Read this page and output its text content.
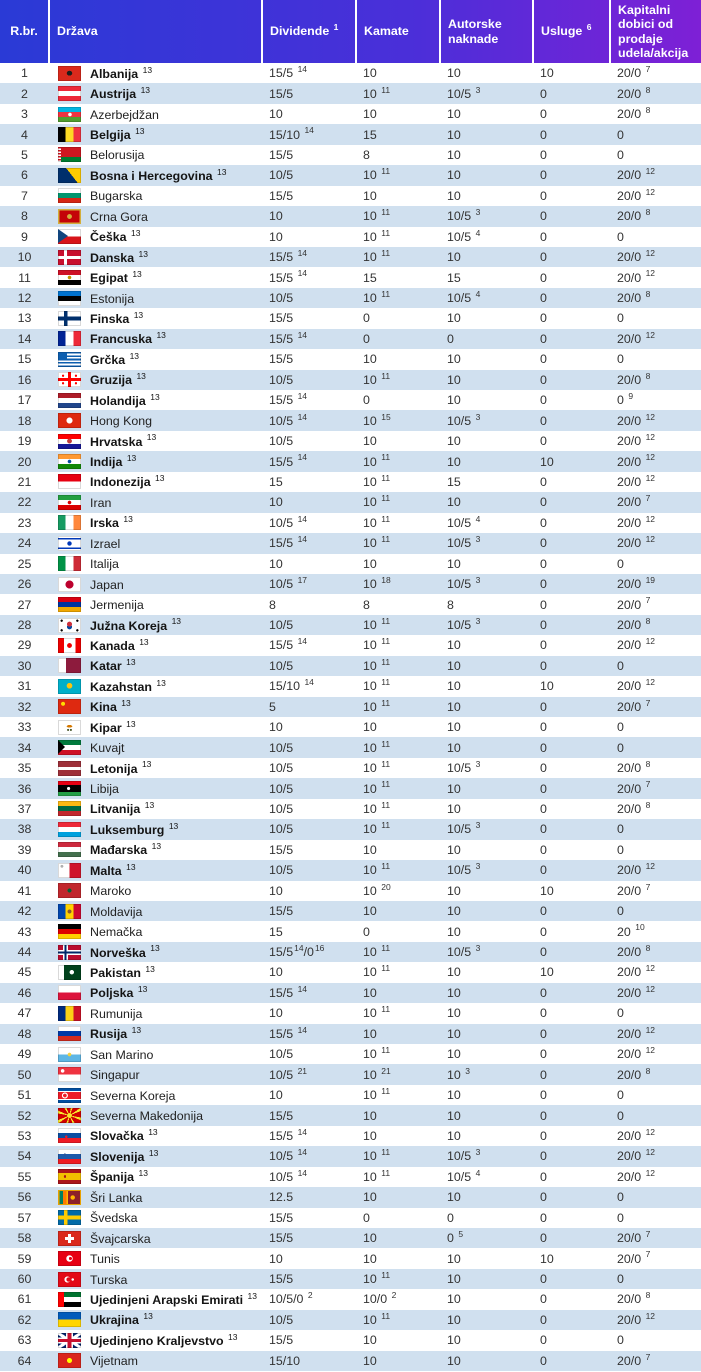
R.br.	Država	Dividende $^1$	Kamate	Autorske naknade	Usluge $^6$	Kapitalni dobici od prodaje udela/akcija
1	Albanija $^{13}$	15/5 $^{14}$	10	10	10	20/0 $^7$
2	Austrija $^{13}$	15/5	10 $^{11}$	10/5 $^3$	0	20/0 $^8$
3	Azerbejdžan	10	10	10	0	20/0 $^8$
4	Belgija $^{13}$	15/10 $^{14}$	15	10	0	0
5	Belorusija	15/5	8	10	0	0
6	Bosna i Hercegovina $^{13}$	10/5	10 $^{11}$	10	0	20/0 $^{12}$
7	Bugarska	15/5	10	10	0	20/0 $^{12}$
8	Crna Gora	10	10 $^{11}$	10/5 $^3$	0	20/0 $^8$
9	Češka $^{13}$	10	10 $^{11}$	10/5 $^4$	0	0
10	Danska $^{13}$	15/5 $^{14}$	10 $^{11}$	10	0	20/0 $^{12}$
11	Egipat $^{13}$	15/5 $^{14}$	15	15	0	20/0 $^{12}$
12	Estonija	10/5	10 $^{11}$	10/5 $^4$	0	20/0 $^8$
13	Finska $^{13}$	15/5	0	10	0	0
14	Francuska $^{13}$	15/5 $^{14}$	0	0	0	20/0 $^{12}$
15	Grčka $^{13}$	15/5	10	10	0	0
16	Gruzija $^{13}$	10/5	10 $^{11}$	10	0	20/0 $^8$
17	Holandija $^{13}$	15/5 $^{14}$	0	10	0	0 $^9$
18	Hong Kong	10/5 $^{14}$	10 $^{15}$	10/5 $^3$	0	20/0 $^{12}$
19	Hrvatska $^{13}$	10/5	10	10	0	20/0 $^{12}$
20	Indija $^{13}$	15/5 $^{14}$	10 $^{11}$	10	10	20/0 $^{12}$
21	Indonezija $^{13}$	15	10 $^{11}$	15	0	20/0 $^{12}$
22	Iran	10	10 $^{11}$	10	0	20/0 $^7$
23	Irska $^{13}$	10/5 $^{14}$	10 $^{11}$	10/5 $^4$	0	20/0 $^{12}$
24	Izrael	15/5 $^{14}$	10 $^{11}$	10/5 $^3$	0	20/0 $^{12}$
25	Italija	10	10	10	0	0
26	Japan	10/5 $^{17}$	10 $^{18}$	10/5 $^3$	0	20/0 $^{19}$
27	Jermenija	8	8	8	0	20/0 $^7$
28	Južna Koreja $^{13}$	10/5	10 $^{11}$	10/5 $^3$	0	20/0 $^8$
29	Kanada $^{13}$	15/5 $^{14}$	10 $^{11}$	10	0	20/0 $^{12}$
30	Katar $^{13}$	10/5	10 $^{11}$	10	0	0
31	Kazahstan $^{13}$	15/10 $^{14}$	10 $^{11}$	10	10	20/0 $^{12}$
32	Kina $^{13}$	5	10 $^{11}$	10	0	20/0 $^7$
33	Kipar $^{13}$	10	10	10	0	0
34	Kuvajt	10/5	10 $^{11}$	10	0	0
35	Letonija $^{13}$	10/5	10 $^{11}$	10/5 $^3$	0	20/0 $^8$
36	Libija	10/5	10 $^{11}$	10	0	20/0 $^7$
37	Litvanija $^{13}$	10/5	10 $^{11}$	10	0	20/0 $^8$
38	Luksemburg $^{13}$	10/5	10 $^{11}$	10/5 $^3$	0	0
39	Mađarska $^{13}$	15/5	10	10	0	0
40	Malta $^{13}$	10/5	10 $^{11}$	10/5 $^3$	0	20/0 $^{12}$
41	Maroko	10	10 $^{20}$	10	10	20/0 $^7$
42	Moldavija	15/5	10	10	0	0
43	Nemačka	15	0	10	0	20 $^{10}$
44	Norveška $^{13}$	$15/5^{14}/0^{16}$	10 $^{11}$	10/5 $^3$	0	20/0 $^8$
45	Pakistan $^{13}$	10	10 $^{11}$	10	10	20/0 $^{12}$
46	Poljska $^{13}$	15/5 $^{14}$	10	10	0	20/0 $^{12}$
47	Rumunija	10	10 $^{11}$	10	0	0
48	Rusija $^{13}$	15/5 $^{14}$	10	10	0	20/0 $^{12}$
49	San Marino	10/5	10 $^{11}$	10	0	20/0 $^{12}$
50	Singapur	10/5 $^{21}$	10 $^{21}$	10 $^3$	0	20/0 $^8$
51	Severna Koreja	10	10 $^{11}$	10	0	0
52	Severna Makedonija	15/5	10	10	0	0
53	Slovačka $^{13}$	15/5 $^{14}$	10	10	0	20/0 $^{12}$
54	Slovenija $^{13}$	10/5 $^{14}$	10 $^{11}$	10/5 $^3$	0	20/0 $^{12}$
55	Španija $^{13}$	10/5 $^{14}$	10 $^{11}$	10/5 $^4$	0	20/0 $^{12}$
56	Šri Lanka	12.5	10	10	0	0
57	Švedska	15/5	0	0	0	0
58	Švajcarska	15/5	10	0 $^5$	0	20/0 $^7$
59	Tunis	10	10	10	10	20/0 $^7$
60	Turska	15/5	10 $^{11}$	10	0	0
61	Ujedinjeni Arapski Emirati $^{13}$	10/5/0 $^2$	10/0 $^2$	10	0	20/0 $^8$
62	Ukrajina $^{13}$	10/5	10 $^{11}$	10	0	20/0 $^{12}$
63	Ujedinjeno Kraljevstvo $^{13}$	15/5	10	10	0	0
64	Vijetnam	15/10	10	10	0	20/0 $^7$
